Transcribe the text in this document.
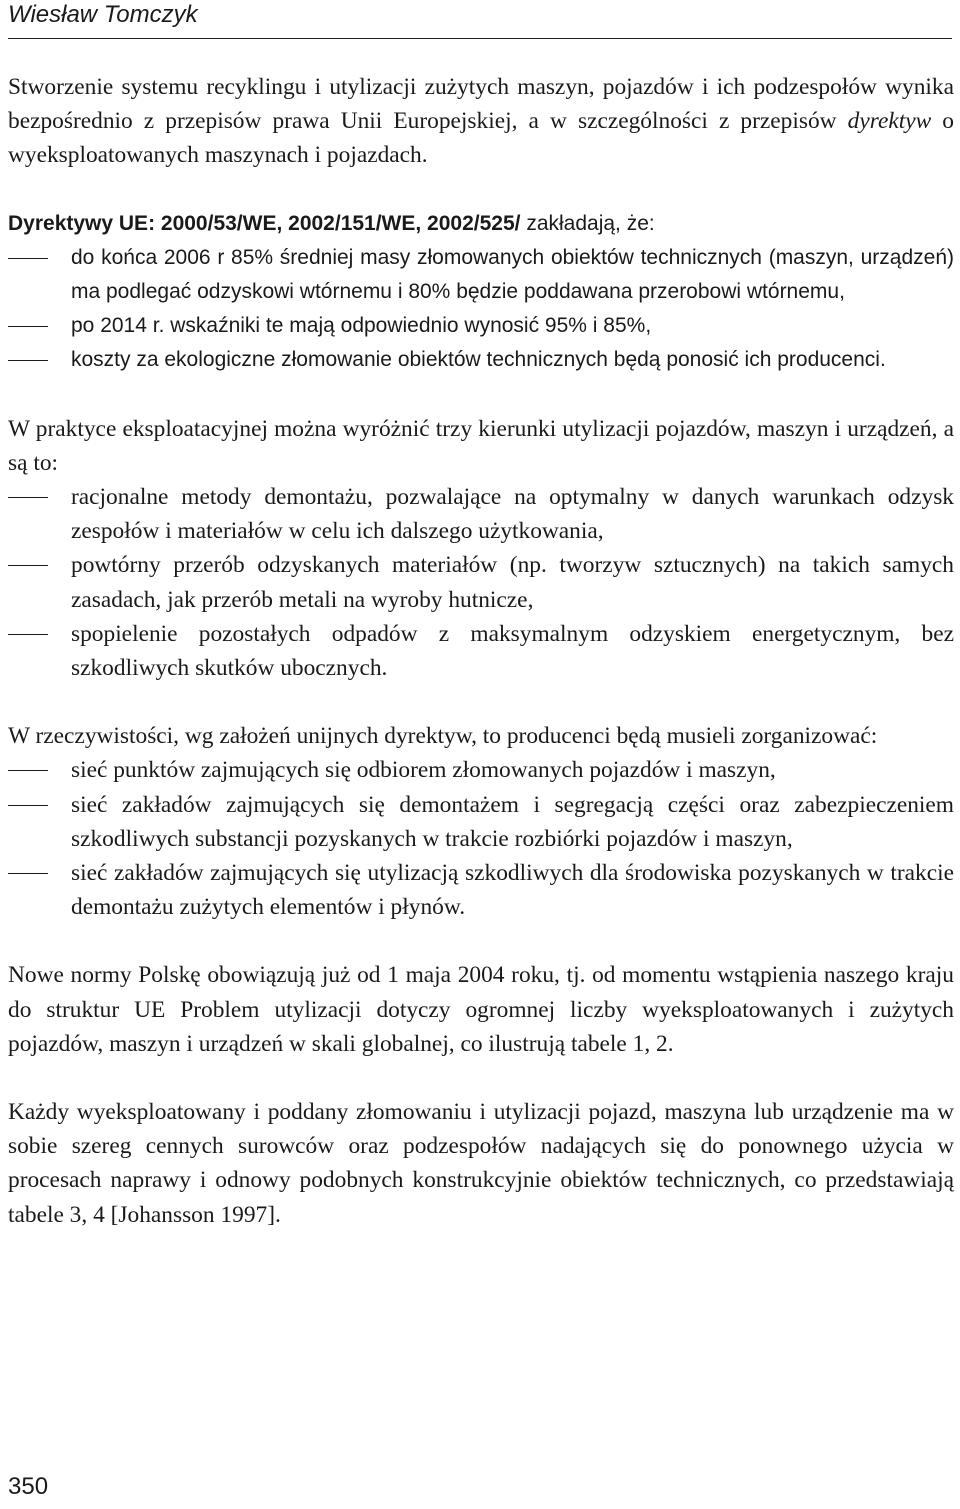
Wiesław Tomczyk

Stworzenie systemu recyklingu i utylizacji zużytych maszyn, pojazdów i ich podzespołów wynika bezpośrednio z przepisów prawa Unii Europejskiej, a w szczególności z przepisów dyrektyw o wyeksploatowanych maszynach i pojazdach.

Dyrektywy UE: 2000/53/WE, 2002/151/WE, 2002/525/ zakładają, że:

do końca 2006 r 85% średniej masy złomowanych obiektów technicznych (maszyn, urządzeń) ma podlegać odzyskowi wtórnemu i 80% będzie poddawana przerobowi wtórnemu,
po 2014 r. wskaźniki te mają odpowiednio wynosić 95% i 85%,
koszty za ekologiczne złomowanie obiektów technicznych będą ponosić ich producenci.

W praktyce eksploatacyjnej można wyróżnić trzy kierunki utylizacji pojazdów, maszyn i urządzeń, a są to:

racjonalne metody demontażu, pozwalające na optymalny w danych warunkach odzysk zespołów i materiałów w celu ich dalszego użytkowania,
powtórny przerób odzyskanych materiałów (np. tworzyw sztucznych) na takich samych zasadach, jak przerób metali na wyroby hutnicze,
spopielenie pozostałych odpadów z maksymalnym odzyskiem energetycznym, bez szkodliwych skutków ubocznych.

W rzeczywistości, wg założeń unijnych dyrektyw, to producenci będą musieli zorganizować:

sieć punktów zajmujących się odbiorem złomowanych pojazdów i maszyn,
sieć zakładów zajmujących się demontażem i segregacją części oraz zabezpieczeniem szkodliwych substancji pozyskanych w trakcie rozbiórki pojazdów i maszyn,
sieć zakładów zajmujących się utylizacją szkodliwych dla środowiska pozyskanych w trakcie demontażu zużytych elementów i płynów.

Nowe normy Polskę obowiązują już od 1 maja 2004 roku, tj. od momentu wstąpienia naszego kraju do struktur UE Problem utylizacji dotyczy ogromnej liczby wyeksploatowanych i zużytych pojazdów, maszyn i urządzeń w skali globalnej, co ilustrują tabele 1, 2.

Każdy wyeksploatowany i poddany złomowaniu i utylizacji pojazd, maszyna lub urządzenie ma w sobie szereg cennych surowców oraz podzespołów nadających się do ponownego użycia w procesach naprawy i odnowy podobnych konstrukcyjnie obiektów technicznych, co przedstawiają tabele 3, 4 [Johansson 1997].

350
